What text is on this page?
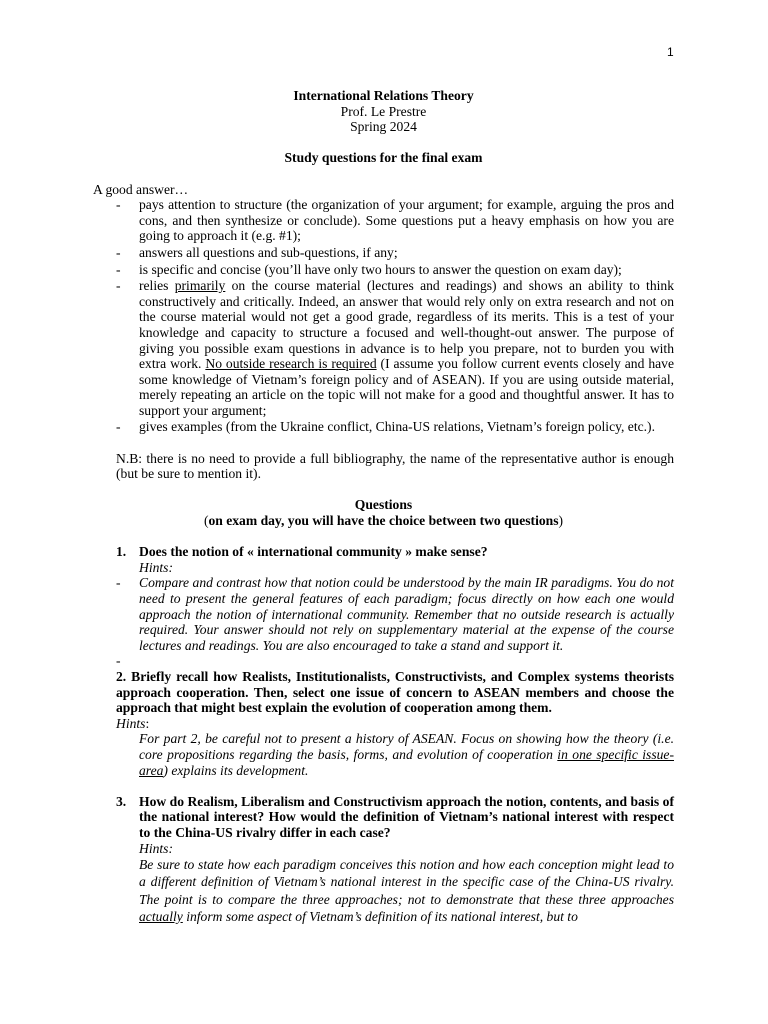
1
International Relations Theory
Prof. Le Prestre
Spring 2024
Study questions for the final exam
A good answer…
- pays attention to structure (the organization of your argument; for example, arguing the pros and cons, and then synthesize or conclude). Some questions put a heavy emphasis on how you are going to approach it (e.g. #1);
- answers all questions and sub-questions, if any;
- is specific and concise (you’ll have only two hours to answer the question on exam day);
- relies primarily on the course material (lectures and readings) and shows an ability to think constructively and critically. Indeed, an answer that would rely only on extra research and not on the course material would not get a good grade, regardless of its merits. This is a test of your knowledge and capacity to structure a focused and well-thought-out answer. The purpose of giving you possible exam questions in advance is to help you prepare, not to burden you with extra work. No outside research is required (I assume you follow current events closely and have some knowledge of Vietnam’s foreign policy and of ASEAN). If you are using outside material, merely repeating an article on the topic will not make for a good and thoughtful answer. It has to support your argument;
- gives examples (from the Ukraine conflict, China-US relations, Vietnam’s foreign policy, etc.).
N.B: there is no need to provide a full bibliography, the name of the representative author is enough (but be sure to mention it).
Questions
(on exam day, you will have the choice between two questions)
1. Does the notion of « international community » make sense?
Hints:
- Compare and contrast how that notion could be understood by the main IR paradigms. You do not need to present the general features of each paradigm; focus directly on how each one would approach the notion of international community. Remember that no outside research is actually required. Your answer should not rely on supplementary material at the expense of the course lectures and readings. You are also encouraged to take a stand and support it.
-
2. Briefly recall how Realists, Institutionalists, Constructivists, and Complex systems theorists approach cooperation. Then, select one issue of concern to ASEAN members and choose the approach that might best explain the evolution of cooperation among them.
Hints:
For part 2, be careful not to present a history of ASEAN. Focus on showing how the theory (i.e. core propositions regarding the basis, forms, and evolution of cooperation in one specific issue-area) explains its development.
3. How do Realism, Liberalism and Constructivism approach the notion, contents, and basis of the national interest? How would the definition of Vietnam’s national interest with respect to the China-US rivalry differ in each case?
Hints:
Be sure to state how each paradigm conceives this notion and how each conception might lead to a different definition of Vietnam’s national interest in the specific case of the China-US rivalry. The point is to compare the three approaches; not to demonstrate that these three approaches actually inform some aspect of Vietnam’s definition of its national interest, but to
